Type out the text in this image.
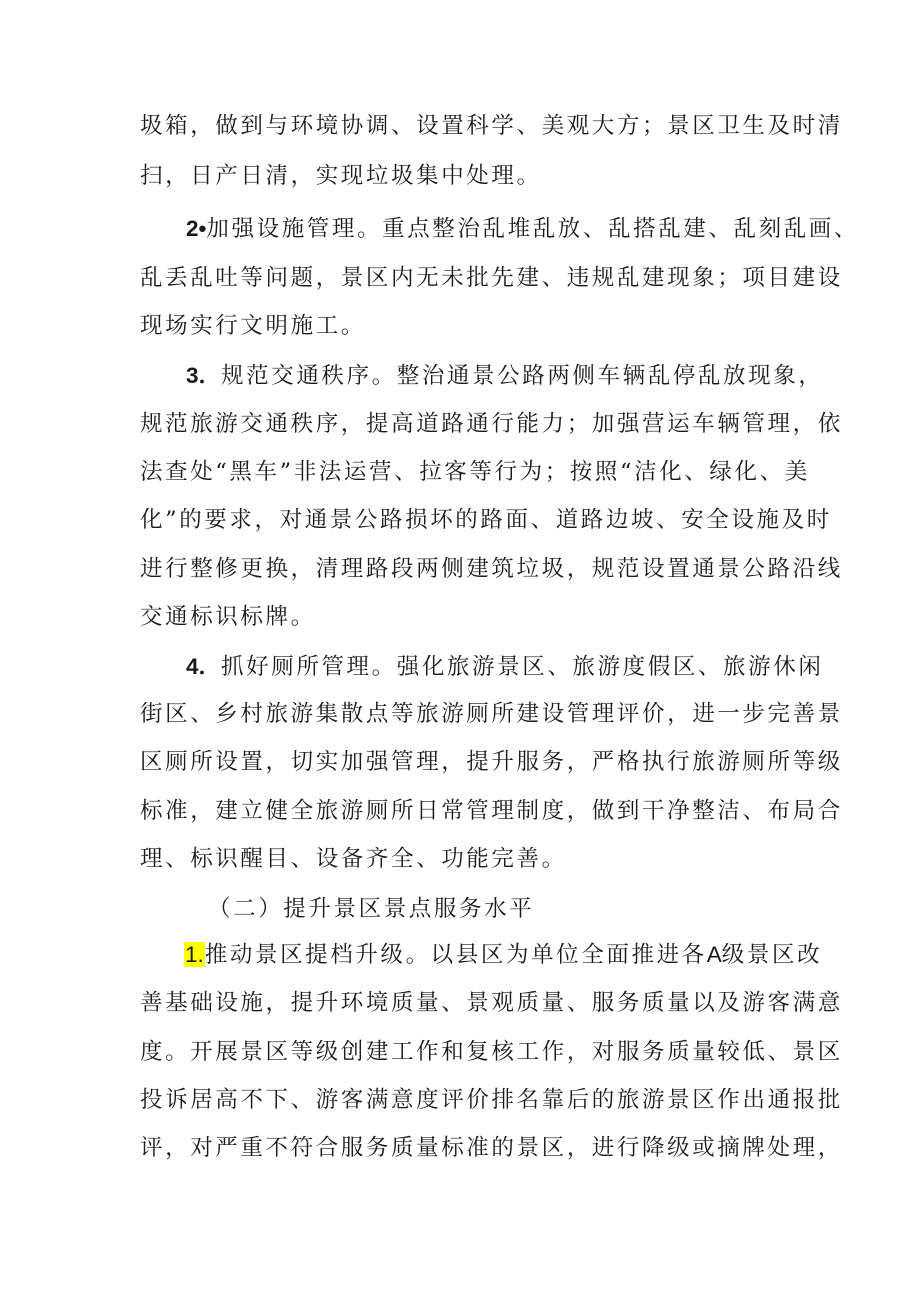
圾箱，做到与环境协调、设置科学、美观大方；景区卫生及时清
扫，日产日清，实现垃圾集中处理。
2•加强设施管理。重点整治乱堆乱放、乱搭乱建、乱刻乱画、
乱丢乱吐等问题，景区内无未批先建、违规乱建现象；项目建设
现场实行文明施工。
3．规范交通秩序。整治通景公路两侧车辆乱停乱放现象，
规范旅游交通秩序，提高道路通行能力；加强营运车辆管理，依
法查处“黑车”非法运营、拉客等行为；按照“洁化、绿化、美
化”的要求，对通景公路损坏的路面、道路边坡、安全设施及时
进行整修更换，清理路段两侧建筑垃圾，规范设置通景公路沿线
交通标识标牌。
4．抓好厕所管理。强化旅游景区、旅游度假区、旅游休闲
街区、乡村旅游集散点等旅游厕所建设管理评价，进一步完善景
区厕所设置，切实加强管理，提升服务，严格执行旅游厕所等级
标准，建立健全旅游厕所日常管理制度，做到干净整洁、布局合
理、标识醒目、设备齐全、功能完善。
（二）提升景区景点服务水平
1.推动景区提档升级。以县区为单位全面推进各A级景区改
善基础设施，提升环境质量、景观质量、服务质量以及游客满意
度。开展景区等级创建工作和复核工作，对服务质量较低、景区
投诉居高不下、游客满意度评价排名靠后的旅游景区作出通报批
评，对严重不符合服务质量标准的景区，进行降级或摘牌处理，
